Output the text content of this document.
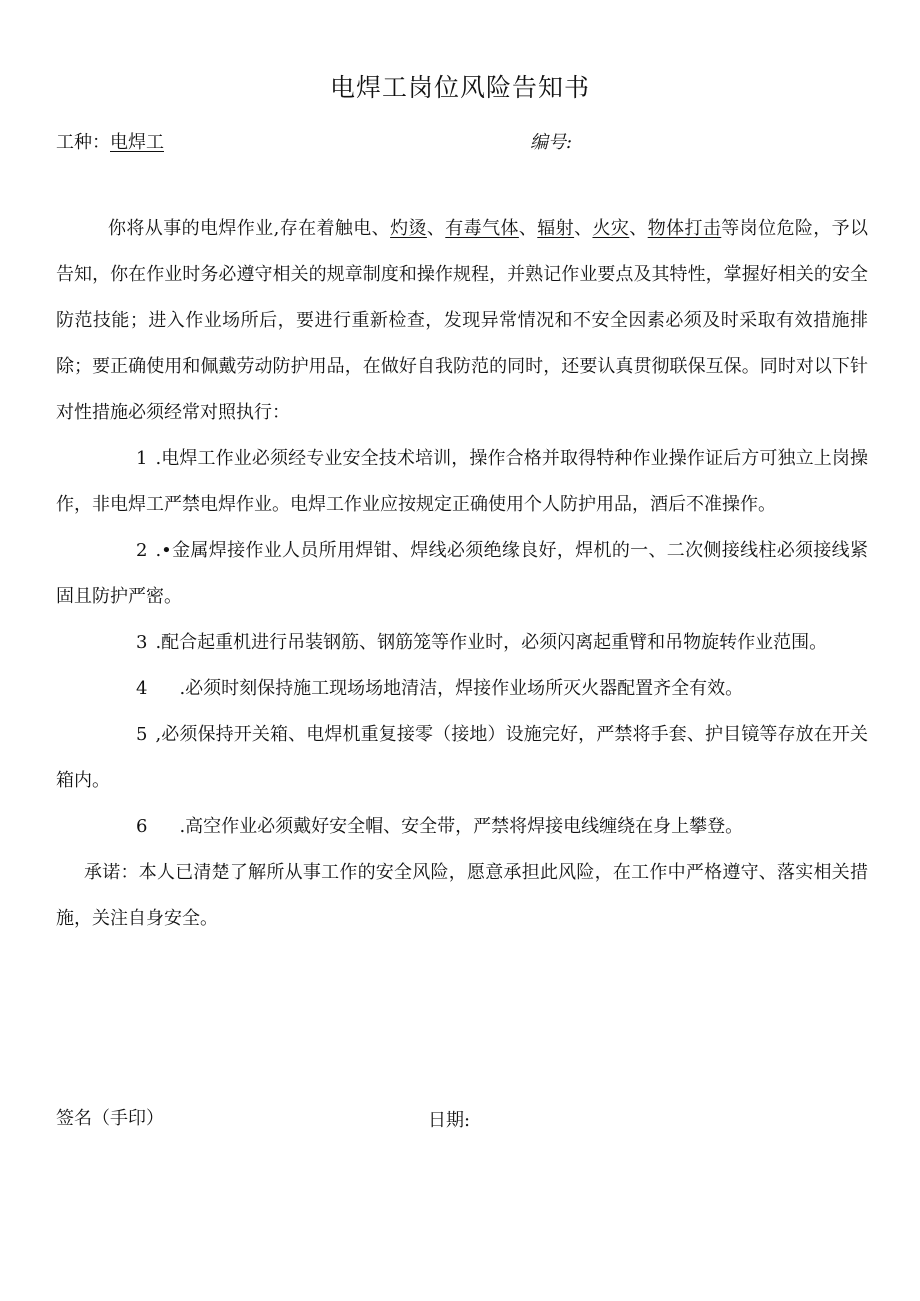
电焊工岗位风险告知书
工种：电焊工	编号:

你将从事的电焊作业,存在着触电、灼烫、有毒气体、辐射、火灾、物体打击等岗位危险，予以告知，你在作业时务必遵守相关的规章制度和操作规程，并熟记作业要点及其特性，掌握好相关的安全防范技能；进入作业场所后，要进行重新检查，发现异常情况和不安全因素必须及时采取有效措施排除；要正确使用和佩戴劳动防护用品，在做好自我防范的同时，还要认真贯彻联保互保。同时对以下针对性措施必须经常对照执行：

1 .电焊工作业必须经专业安全技术培训，操作合格并取得特种作业操作证后方可独立上岗操作，非电焊工严禁电焊作业。电焊工作业应按规定正确使用个人防护用品，酒后不准操作。

2 .•金属焊接作业人员所用焊钳、焊线必须绝缘良好，焊机的一、二次侧接线柱必须接线紧固且防护严密。

3 .配合起重机进行吊装钢筋、钢筋笼等作业时，必须闪离起重臂和吊物旋转作业范围。

4 .必须时刻保持施工现场场地清洁，焊接作业场所灭火器配置齐全有效。

5 ,必须保持开关箱、电焊机重复接零（接地）设施完好，严禁将手套、护目镜等存放在开关箱内。

6 .高空作业必须戴好安全帽、安全带，严禁将焊接电线缠绕在身上攀登。

承诺：本人已清楚了解所从事工作的安全风险，愿意承担此风险，在工作中严格遵守、落实相关措施，关注自身安全。

签名（手印）	日期:
